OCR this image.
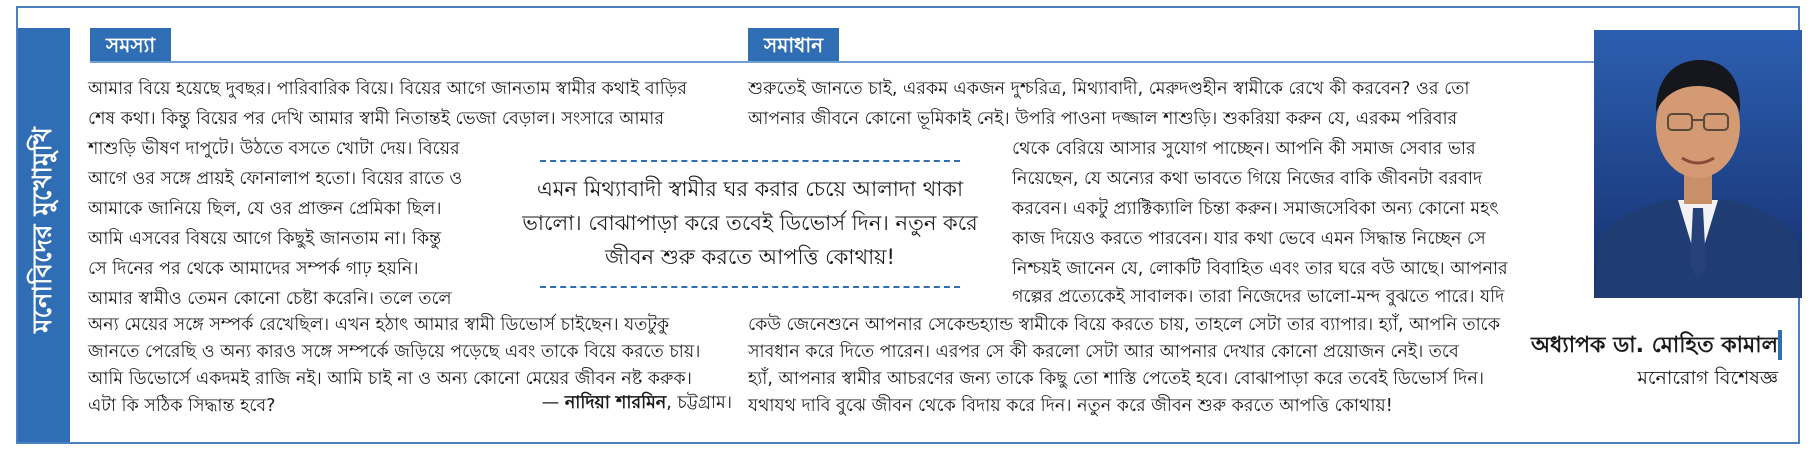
মনোবিদের মুখোমুখি
সমস্যা	সমাধান
আমার বিয়ে হয়েছে দুবছর। পারিবারিক বিয়ে। বিয়ের আগে জানতাম স্বামীর কথাই বাড়ির
শেষ কথা। কিন্তু বিয়ের পর দেখি আমার স্বামী নিতান্তই ভেজা বেড়াল। সংসারে আমার
শাশুড়ি ভীষণ দাপুটে। উঠতে বসতে খোটা দেয়। বিয়ের
আগে ওর সঙ্গে প্রায়ই ফোনালাপ হতো। বিয়ের রাতে ও
আমাকে জানিয়ে ছিল, যে ওর প্রাক্তন প্রেমিকা ছিল।
আমি এসবের বিষয়ে আগে কিছুই জানতাম না। কিন্তু
সে দিনের পর থেকে আমাদের সম্পর্ক গাঢ় হয়নি।
আমার স্বামীও তেমন কোনো চেষ্টা করেনি। তলে তলে
অন্য মেয়ের সঙ্গে সম্পর্ক রেখেছিল। এখন হঠাৎ আমার স্বামী ডিভোর্স চাইছেন। যতটুকু
জানতে পেরেছি ও অন্য কারও সঙ্গে সম্পর্কে জড়িয়ে পড়েছে এবং তাকে বিয়ে করতে চায়।
আমি ডিভোর্সে একদমই রাজি নই। আমি চাই না ও অন্য কোনো মেয়ের জীবন নষ্ট করুক।
এটা কি সঠিক সিদ্ধান্ত হবে?	— নাদিয়া শারমিন, চট্টগ্রাম।
এমন মিথ্যাবাদী স্বামীর ঘর করার চেয়ে আলাদা থাকা
ভালো। বোঝাপাড়া করে তবেই ডিভোর্স দিন। নতুন করে
জীবন শুরু করতে আপত্তি কোথায়!
শুরুতেই জানতে চাই, এরকম একজন দুশ্চরিত্র, মিথ্যাবাদী, মেরুদণ্ডহীন স্বামীকে রেখে কী করবেন? ওর তো
আপনার জীবনে কোনো ভূমিকাই নেই। উপরি পাওনা দজ্জাল শাশুড়ি। শুকরিয়া করুন যে, এরকম পরিবার
থেকে বেরিয়ে আসার সুযোগ পাচ্ছেন। আপনি কী সমাজ সেবার ভার
নিয়েছেন, যে অন্যের কথা ভাবতে গিয়ে নিজের বাকি জীবনটা বরবাদ
করবেন। একটু প্র্যাক্টিক্যালি চিন্তা করুন। সমাজসেবিকা অন্য কোনো মহৎ
কাজ দিয়েও করতে পারবেন। যার কথা ভেবে এমন সিদ্ধান্ত নিচ্ছেন সে
নিশ্চয়ই জানেন যে, লোকটি বিবাহিত এবং তার ঘরে বউ আছে। আপনার
গল্পের প্রত্যেকেই সাবালক। তারা নিজেদের ভালো-মন্দ বুঝতে পারে। যদি
কেউ জেনেশুনে আপনার সেকেন্ডহ্যান্ড স্বামীকে বিয়ে করতে চায়, তাহলে সেটা তার ব্যাপার। হ্যাঁ, আপনি তাকে
সাবধান করে দিতে পারেন। এরপর সে কী করলো সেটা আর আপনার দেখার কোনো প্রয়োজন নেই। তবে
হ্যাঁ, আপনার স্বামীর আচরণের জন্য তাকে কিছু তো শাস্তি পেতেই হবে। বোঝাপাড়া করে তবেই ডিভোর্স দিন।
যথাযথ দাবি বুঝে জীবন থেকে বিদায় করে দিন। নতুন করে জীবন শুরু করতে আপত্তি কোথায়!
অধ্যাপক ডা. মোহিত কামাল
মনোরোগ বিশেষজ্ঞ
